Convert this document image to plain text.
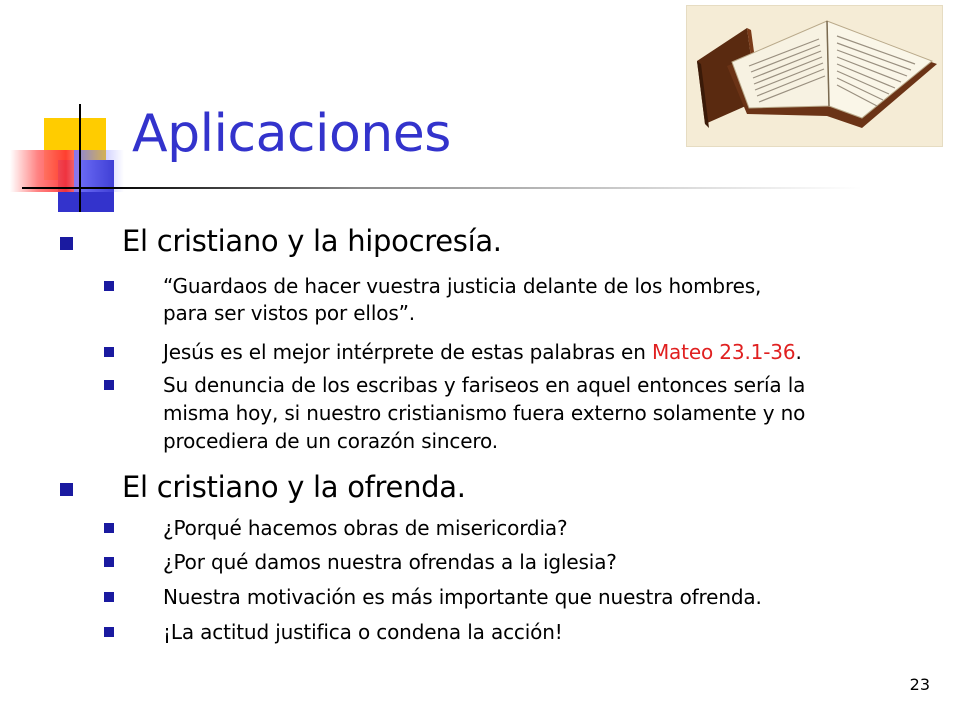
Aplicaciones
El cristiano y la hipocresía.
“Guardaos de hacer vuestra justicia delante de los hombres,
para ser vistos por ellos”.
Jesús es el mejor intérprete de estas palabras en Mateo 23.1-36.
Su denuncia de los escribas y fariseos en aquel entonces sería la
misma hoy, si nuestro cristianismo fuera externo solamente y no
procediera de un corazón sincero.
El cristiano y la ofrenda.
¿Porqué hacemos obras de misericordia?
¿Por qué damos nuestra ofrendas a la iglesia?
Nuestra motivación es más importante que nuestra ofrenda.
¡La actitud justifica o condena la acción!
23
